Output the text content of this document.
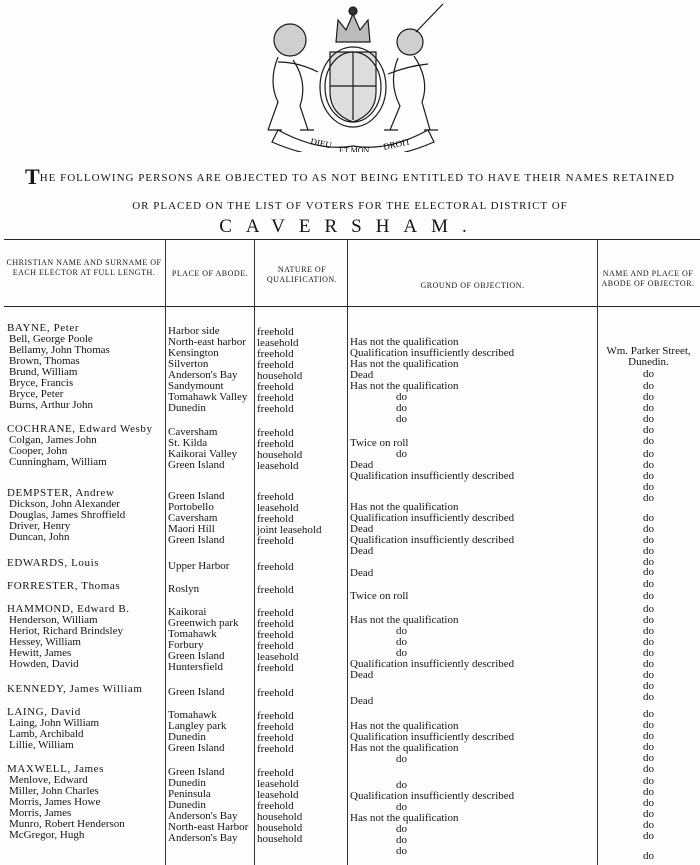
DIEU
ET MON DROIT
THE FOLLOWING PERSONS ARE OBJECTED TO AS NOT BEING ENTITLED TO HAVE THEIR NAMES RETAINED
OR PLACED ON THE LIST OF VOTERS FOR THE ELECTORAL DISTRICT OF
CAVERSHAM.
CHRISTIAN NAME AND SURNAME OF EACH ELECTOR AT FULL LENGTH.	PLACE OF ABODE.	NATURE OF QUALIFICATION.
GROUND OF OBJECTION.
NAME AND PLACE OF ABODE OF OBJECTOR.
BAYNE, Peter
Bell, George Poole
Bellamy, John Thomas
Brown, Thomas
Brund, William
Bryce, Francis
Bryce, Peter
Burns, Arthur John
COCHRANE, Edward Wesby
Colgan, James John
Cooper, John
Cunningham, William
DEMPSTER, Andrew
Dickson, John Alexander
Douglas, James Shroffield
Driver, Henry
Duncan, John
EDWARDS, Louis
FORRESTER, Thomas
HAMMOND, Edward B.
Henderson, William
Heriot, Richard Brindsley
Hessey, William
Hewitt, James
Howden, David
KENNEDY, James William
LAING, David
Laing, John William
Lamb, Archibald
Lillie, William
MAXWELL, James
Menlove, Edward
Miller, John Charles
Morris, James Howe
Morris, James
Munro, Robert Henderson
McGregor, Hugh
Harbor side
North-east harbor
Kensington
Silverton
Anderson's Bay
Sandymount
Tomahawk Valley
Dunedin
Caversham
St. Kilda
Kaikorai Valley
Green Island
Green Island
Portobello
Caversham
Maori Hill
Green Island
Upper Harbor
Roslyn
Kaikorai
Greenwich park
Tomahawk
Forbury
Green Island
Huntersfield
Green Island
Tomahawk
Langley park
Dunedin
Green Island
Green Island
Dunedin
Peninsula
Dunedin
Anderson's Bay
North-east Harbor
Anderson's Bay
freehold
leasehold
freehold
freehold
household
freehold
freehold
freehold
freehold
freehold
household
leasehold
freehold
leasehold
freehold
joint leasehold
freehold
freehold
freehold
freehold
freehold
freehold
freehold
leasehold
freehold
freehold
freehold
freehold
freehold
freehold
freehold
leasehold
leasehold
freehold
household
household
household
Has not the qualification
Qualification insufficiently described
Has not the qualification
Dead
Has not the qualification
do
do
do
Twice on roll
do
Dead
Qualification insufficiently described
Has not the qualification
Qualification insufficiently described
Dead
Qualification insufficiently described
Dead
Dead
Twice on roll
Has not the qualification
do
do
do
Qualification insufficiently described
Dead
Dead
Has not the qualification
Qualification insufficiently described
Has not the qualification
do
do
Qualification insufficiently described
do
Has not the qualification
do
do
do
Wm. Parker Street,
Dunedin.
do
do
do
do
do
do
do
do
do
do
do
do
do
do
do
do
do
do
do
do
do
do
do
do
do
do
do
do
do
do
do
do
do
do
do
do
do
do
do
do
do
do
